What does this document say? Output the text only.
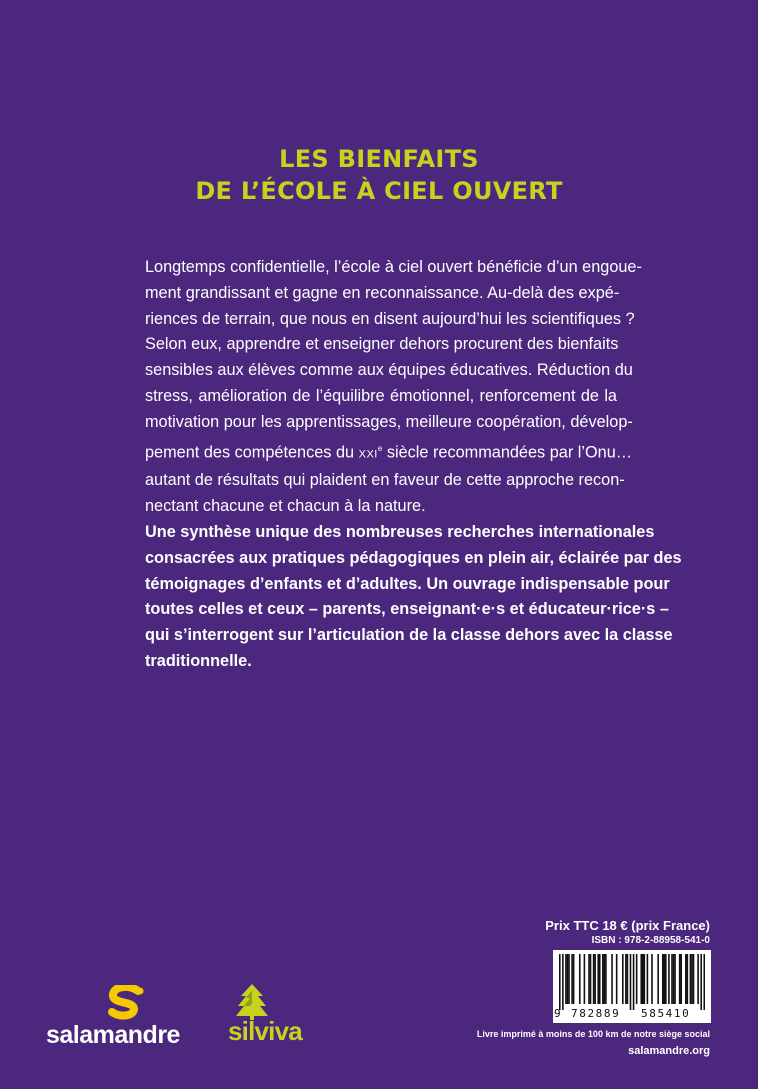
LES BIENFAITS
DE L’ÉCOLE À CIEL OUVERT
Longtemps confidentielle, l’école à ciel ouvert bénéficie d’un engoue-
ment grandissant et gagne en reconnaissance. Au-delà des expé-
riences de terrain, que nous en disent aujourd’hui les scientifiques ?
Selon eux, apprendre et enseigner dehors procurent des bienfaits
sensibles aux élèves comme aux équipes éducatives. Réduction du
stress, amélioration de l’équilibre émotionnel, renforcement de la
motivation pour les apprentissages, meilleure coopération, dévelop-
pement des compétences du XXIe siècle recommandées par l’Onu…
autant de résultats qui plaident en faveur de cette approche recon-
nectant chacune et chacun à la nature.
Une synthèse unique des nombreuses recherches internationales
consacrées aux pratiques pédagogiques en plein air, éclairée par des
témoignages d’enfants et d’adultes. Un ouvrage indispensable pour
toutes celles et ceux – parents, enseignant·e·s et éducateur·rice·s –
qui s’interrogent sur l’articulation de la classe dehors avec la classe
traditionnelle.
Prix TTC 18 € (prix France)
ISBN : 978-2-88958-541-0
9 782889 585410
Livre imprimé à moins de 100 km de notre siège social
salamandre.org
salamandre	silviva
